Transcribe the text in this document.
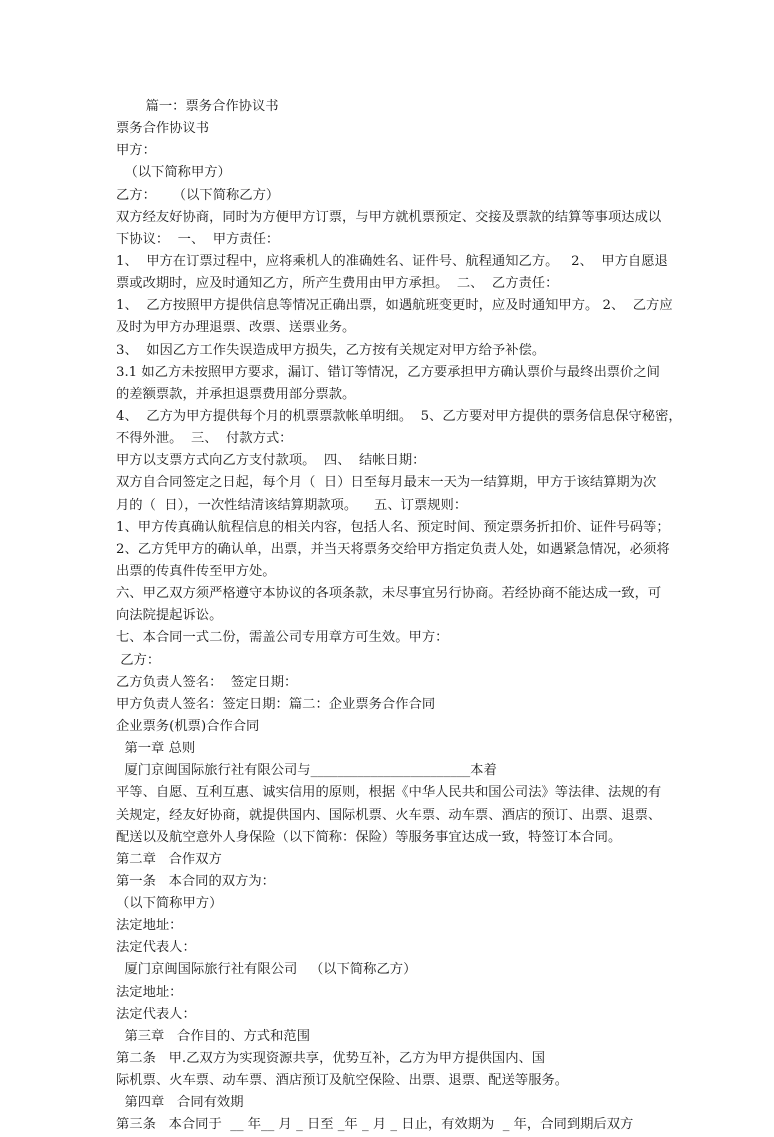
篇一：票务合作协议书
票务合作协议书
甲方：
（以下简称甲方）
乙方：    （以下简称乙方）
双方经友好协商，同时为方便甲方订票，与甲方就机票预定、交接及票款的结算等事项达成以
下协议：  一、  甲方责任：
1、  甲方在订票过程中，应将乘机人的准确姓名、证件号、航程通知乙方。   2、  甲方自愿退
票或改期时，应及时通知乙方，所产生费用由甲方承担。  二、  乙方责任：
1、  乙方按照甲方提供信息等情况正确出票，如遇航班变更时，应及时通知甲方。 2、  乙方应
及时为甲方办理退票、改票、送票业务。
3、  如因乙方工作失误造成甲方损失，乙方按有关规定对甲方给予补偿。
3.1 如乙方未按照甲方要求，漏订、错订等情况，乙方要承担甲方确认票价与最终出票价之间
的差额票款，并承担退票费用部分票款。
4、  乙方为甲方提供每个月的机票票款帐单明细。  5、乙方要对甲方提供的票务信息保守秘密，
不得外泄。  三、  付款方式：
甲方以支票方式向乙方支付款项。  四、  结帐日期：
双方自合同签定之日起，每个月（  日）日至每月最末一天为一结算期，甲方于该结算期为次
月的（  日），一次性结清该结算期款项。    五、订票规则：
1、甲方传真确认航程信息的相关内容，包括人名、预定时间、预定票务折扣价、证件号码等；
2、乙方凭甲方的确认单，出票，并当天将票务交给甲方指定负责人处，如遇紧急情况，必须将
出票的传真件传至甲方处。
六、甲乙双方须严格遵守本协议的各项条款，未尽事宜另行协商。若经协商不能达成一致，可
向法院提起诉讼。
七、本合同一式二份，需盖公司专用章方可生效。甲方：
乙方：
乙方负责人签名：  签定日期：
甲方负责人签名：签定日期：篇二：企业票务合作合同
企业票务(机票)合作合同
第一章 总则
厦门京闽国际旅行社有限公司与________________________本着
平等、自愿、互利互惠、诚实信用的原则，根据《中华人民共和国公司法》等法律、法规的有
关规定，经友好协商，就提供国内、国际机票、火车票、动车票、酒店的预订、出票、退票、
配送以及航空意外人身保险（以下简称：保险）等服务事宜达成一致，特签订本合同。
第二章   合作双方
第一条   本合同的双方为：
（以下简称甲方）
法定地址：
法定代表人：
厦门京闽国际旅行社有限公司   （以下简称乙方）
法定地址：
法定代表人：
第三章   合作目的、方式和范围
第二条   甲.乙双方为实现资源共享，优势互补，乙方为甲方提供国内、国
际机票、火车票、动车票、酒店预订及航空保险、出票、退票、配送等服务。
第四章   合同有效期
第三条   本合同于  __ 年__ 月 _ 日至 _年 _ 月 _ 日止，有效期为  _ 年，合同到期后双方
